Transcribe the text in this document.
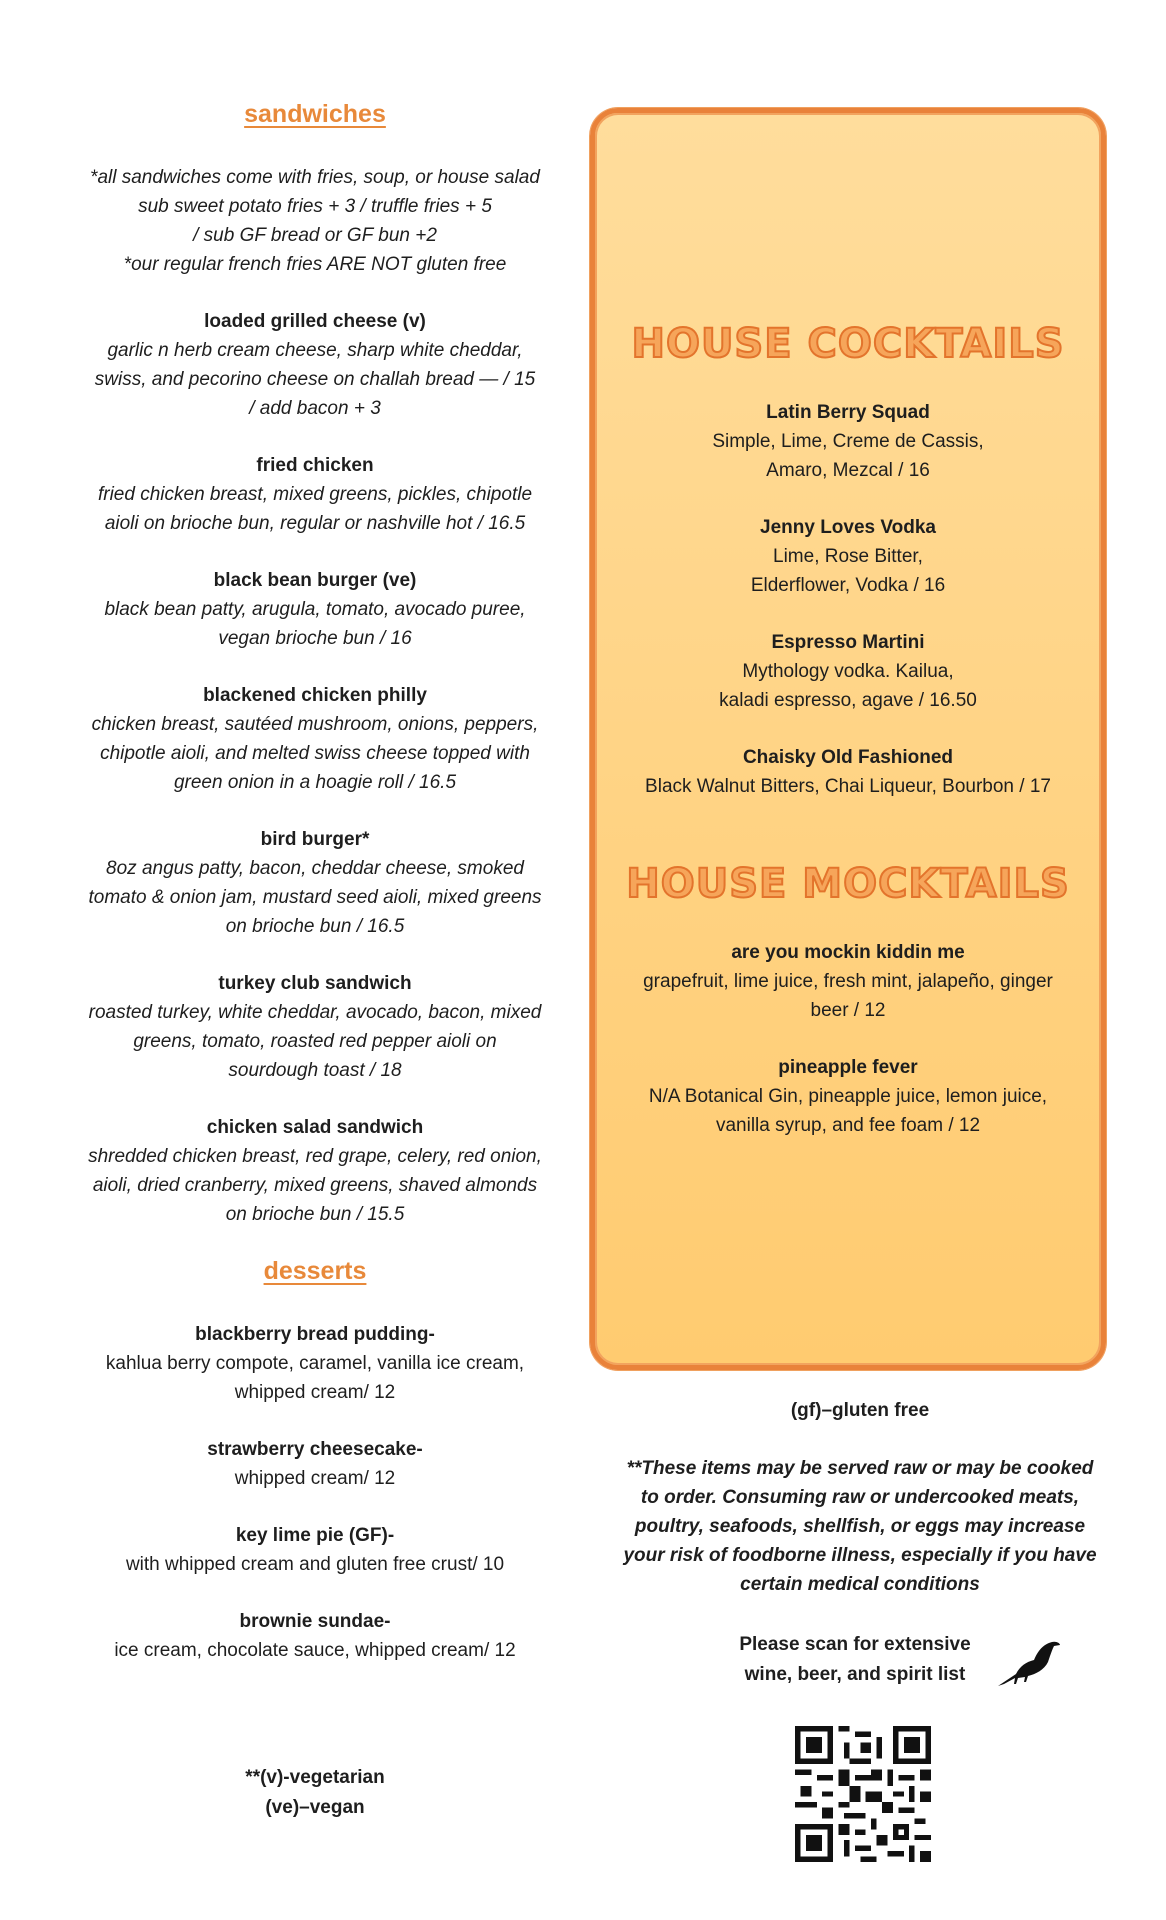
sandwiches
*all sandwiches come with fries, soup, or house salad
sub sweet potato fries + 3 / truffle fries + 5
/ sub GF bread or GF bun +2
*our regular french fries ARE NOT gluten free
loaded grilled cheese (v)
garlic n herb cream cheese, sharp white cheddar,
swiss, and pecorino cheese on challah bread — / 15
/ add bacon + 3
fried chicken
fried chicken breast, mixed greens, pickles, chipotle
aioli on brioche bun, regular or nashville hot / 16.5
black bean burger (ve)
black bean patty, arugula, tomato, avocado puree,
vegan brioche bun / 16
blackened chicken philly
chicken breast, sautéed mushroom, onions, peppers,
chipotle aioli, and melted swiss cheese topped with
green onion in a hoagie roll / 16.5
bird burger*
8oz angus patty, bacon, cheddar cheese, smoked
tomato & onion jam, mustard seed aioli, mixed greens
on brioche bun / 16.5
turkey club sandwich
roasted turkey, white cheddar, avocado, bacon, mixed
greens, tomato, roasted red pepper aioli on
sourdough toast / 18
chicken salad sandwich
shredded chicken breast, red grape, celery, red onion,
aioli, dried cranberry, mixed greens, shaved almonds
on brioche bun / 15.5
desserts
blackberry bread pudding-
kahlua berry compote, caramel, vanilla ice cream,
whipped cream/ 12
strawberry cheesecake-
whipped cream/ 12
key lime pie (GF)-
with whipped cream and gluten free crust/ 10
brownie sundae-
ice cream, chocolate sauce, whipped cream/ 12
**(v)-vegetarian
(ve)–vegan
HOUSE COCKTAILS
Latin Berry Squad
Simple, Lime, Creme de Cassis,
Amaro, Mezcal / 16
Jenny Loves Vodka
Lime, Rose Bitter,
Elderflower, Vodka / 16
Espresso Martini
Mythology vodka. Kailua,
kaladi espresso, agave / 16.50
Chaisky Old Fashioned
Black Walnut Bitters, Chai Liqueur, Bourbon / 17
HOUSE MOCKTAILS
are you mockin kiddin me
grapefruit, lime juice, fresh mint, jalapeño, ginger
beer / 12
pineapple fever
N/A Botanical Gin, pineapple juice, lemon juice,
vanilla syrup, and fee foam / 12
(gf)–gluten free
**These items may be served raw or may be cooked
to order. Consuming raw or undercooked meats,
poultry, seafoods, shellfish, or eggs may increase
your risk of foodborne illness, especially if you have
certain medical conditions
Please scan for extensive
wine, beer, and spirit list
